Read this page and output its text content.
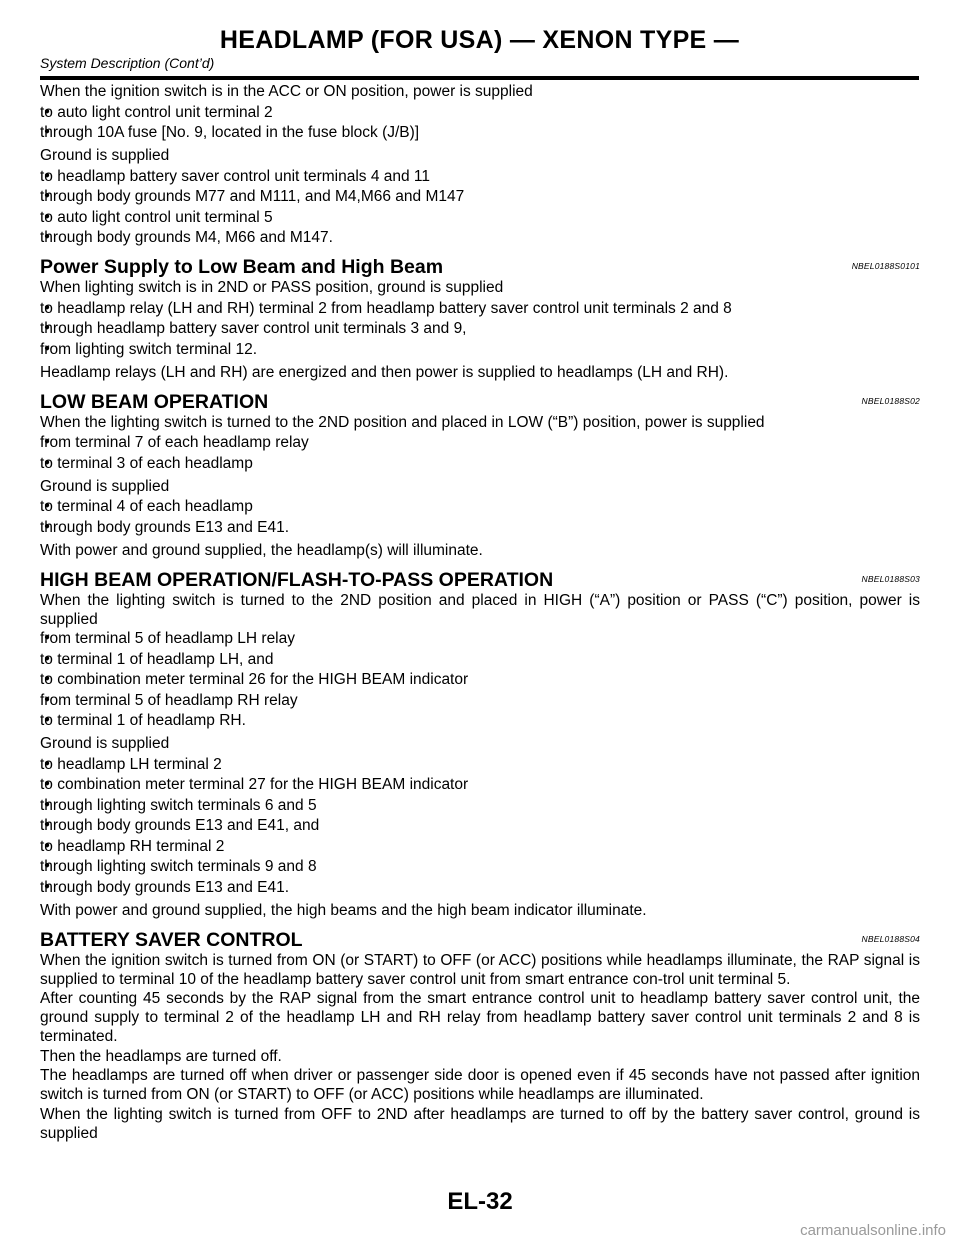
HEADLAMP (FOR USA) — XENON TYPE —
System Description (Cont’d)

When the ignition switch is in the ACC or ON position, power is supplied

● to auto light control unit terminal 2

● through 10A fuse [No. 9, located in the fuse block (J/B)]

Ground is supplied

● to headlamp battery saver control unit terminals 4 and 11

● through body grounds M77 and M111, and M4,M66 and M147

● to auto light control unit terminal 5

● through body grounds M4, M66 and M147.

Power Supply to Low Beam and High Beam	NBEL0188S0101

When lighting switch is in 2ND or PASS position, ground is supplied

● to headlamp relay (LH and RH) terminal 2 from headlamp battery saver control unit terminals 2 and 8

● through headlamp battery saver control unit terminals 3 and 9,

● from lighting switch terminal 12.

Headlamp relays (LH and RH) are energized and then power is supplied to headlamps (LH and RH).

LOW BEAM OPERATION	NBEL0188S02

When the lighting switch is turned to the 2ND position and placed in LOW (“B”) position, power is supplied

● from terminal 7 of each headlamp relay

● to terminal 3 of each headlamp

Ground is supplied

● to terminal 4 of each headlamp

● through body grounds E13 and E41.

With power and ground supplied, the headlamp(s) will illuminate.

HIGH BEAM OPERATION/FLASH-TO-PASS OPERATION	NBEL0188S03

When the lighting switch is turned to the 2ND position and placed in HIGH (“A”) position or PASS (“C”) position, power is supplied

● from terminal 5 of headlamp LH relay

● to terminal 1 of headlamp LH, and

● to combination meter terminal 26 for the HIGH BEAM indicator

● from terminal 5 of headlamp RH relay

● to terminal 1 of headlamp RH.

Ground is supplied

● to headlamp LH terminal 2

● to combination meter terminal 27 for the HIGH BEAM indicator

● through lighting switch terminals 6 and 5

● through body grounds E13 and E41, and

● to headlamp RH terminal 2

● through lighting switch terminals 9 and 8

● through body grounds E13 and E41.

With power and ground supplied, the high beams and the high beam indicator illuminate.

BATTERY SAVER CONTROL	NBEL0188S04

When the ignition switch is turned from ON (or START) to OFF (or ACC) positions while headlamps illuminate, the RAP signal is supplied to terminal 10 of the headlamp battery saver control unit from smart entrance con-trol unit terminal 5.

After counting 45 seconds by the RAP signal from the smart entrance control unit to headlamp battery saver control unit, the ground supply to terminal 2 of the headlamp LH and RH relay from headlamp battery saver control unit terminals 2 and 8 is terminated.

Then the headlamps are turned off.

The headlamps are turned off when driver or passenger side door is opened even if 45 seconds have not passed after ignition switch is turned from ON (or START) to OFF (or ACC) positions while headlamps are illuminated.

When the lighting switch is turned from OFF to 2ND after headlamps are turned to off by the battery saver control, ground is supplied

EL-32
carmanualsonline.info
